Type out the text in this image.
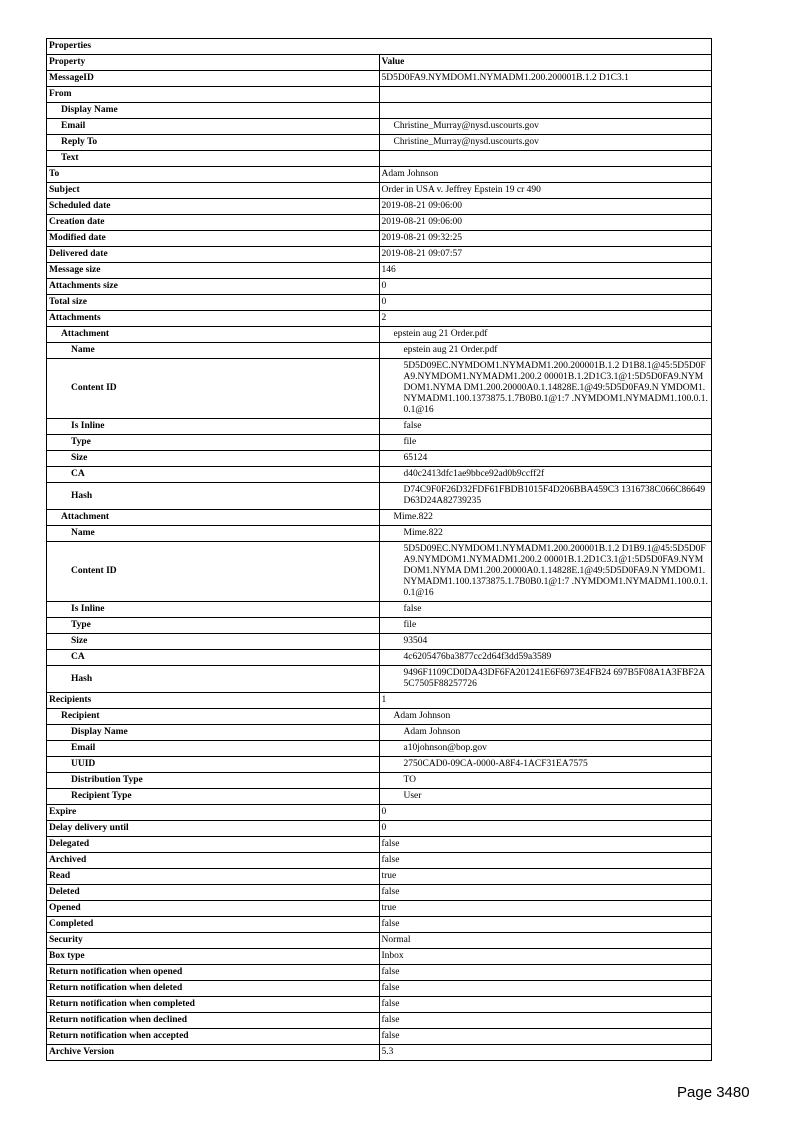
Properties	
Property	Value
MessageID	5D5D0FA9.NYMDOM1.NYMADM1.200.200001B.1.2 D1C3.1
From	
Display Name	
Email	Christine_Murray@nysd.uscourts.gov
Reply To	Christine_Murray@nysd.uscourts.gov
Text	
To	Adam Johnson
Subject	Order in USA v. Jeffrey Epstein 19 cr 490
Scheduled date	2019-08-21 09:06:00
Creation date	2019-08-21 09:06:00
Modified date	2019-08-21 09:32:25
Delivered date	2019-08-21 09:07:57
Message size	146
Attachments size	0
Total size	0
Attachments	2
Attachment	epstein aug 21 Order.pdf
Name	epstein aug 21 Order.pdf
Content ID	5D5D09EC.NYMDOM1.NYMADM1.200.200001B.1.2 D1B8.1@45:5D5D0FA9.NYMDOM1.NYMADM1.200.2 00001B.1.2D1C3.1@1:5D5D0FA9.NYMDOM1.NYMA DM1.200.20000A0.1.14828E.1@49:5D5D0FA9.N YMDOM1.NYMADM1.100.1373875.1.7B0B0.1@1:7 .NYMDOM1.NYMADM1.100.0.1.0.1@16
Is Inline	false
Type	file
Size	65124
CA	d40c2413dfc1ae9bbce92ad0b9ccff2f
Hash	D74C9F0F26D32FDF61FBDB1015F4D206BBA459C3 1316738C066C86649D63D24A82739235
Attachment	Mime.822
Name	Mime.822
Content ID	5D5D09EC.NYMDOM1.NYMADM1.200.200001B.1.2 D1B9.1@45:5D5D0FA9.NYMDOM1.NYMADM1.200.2 00001B.1.2D1C3.1@1:5D5D0FA9.NYMDOM1.NYMA DM1.200.20000A0.1.14828E.1@49:5D5D0FA9.N YMDOM1.NYMADM1.100.1373875.1.7B0B0.1@1:7 .NYMDOM1.NYMADM1.100.0.1.0.1@16
Is Inline	false
Type	file
Size	93504
CA	4c6205476ba3877cc2d64f3dd59a3589
Hash	9496F1109CD0DA43DF6FA201241E6F6973E4FB24 697B5F08A1A3FBF2A5C7505F88257726
Recipients	1
Recipient	Adam Johnson
Display Name	Adam Johnson
Email	a10johnson@bop.gov
UUID	2750CAD0-09CA-0000-A8F4-1ACF31EA7575
Distribution Type	TO
Recipient Type	User
Expire	0
Delay delivery until	0
Delegated	false
Archived	false
Read	true
Deleted	false
Opened	true
Completed	false
Security	Normal
Box type	Inbox
Return notification when opened	false
Return notification when deleted	false
Return notification when completed	false
Return notification when declined	false
Return notification when accepted	false
Archive Version	5.3
Page 3480
